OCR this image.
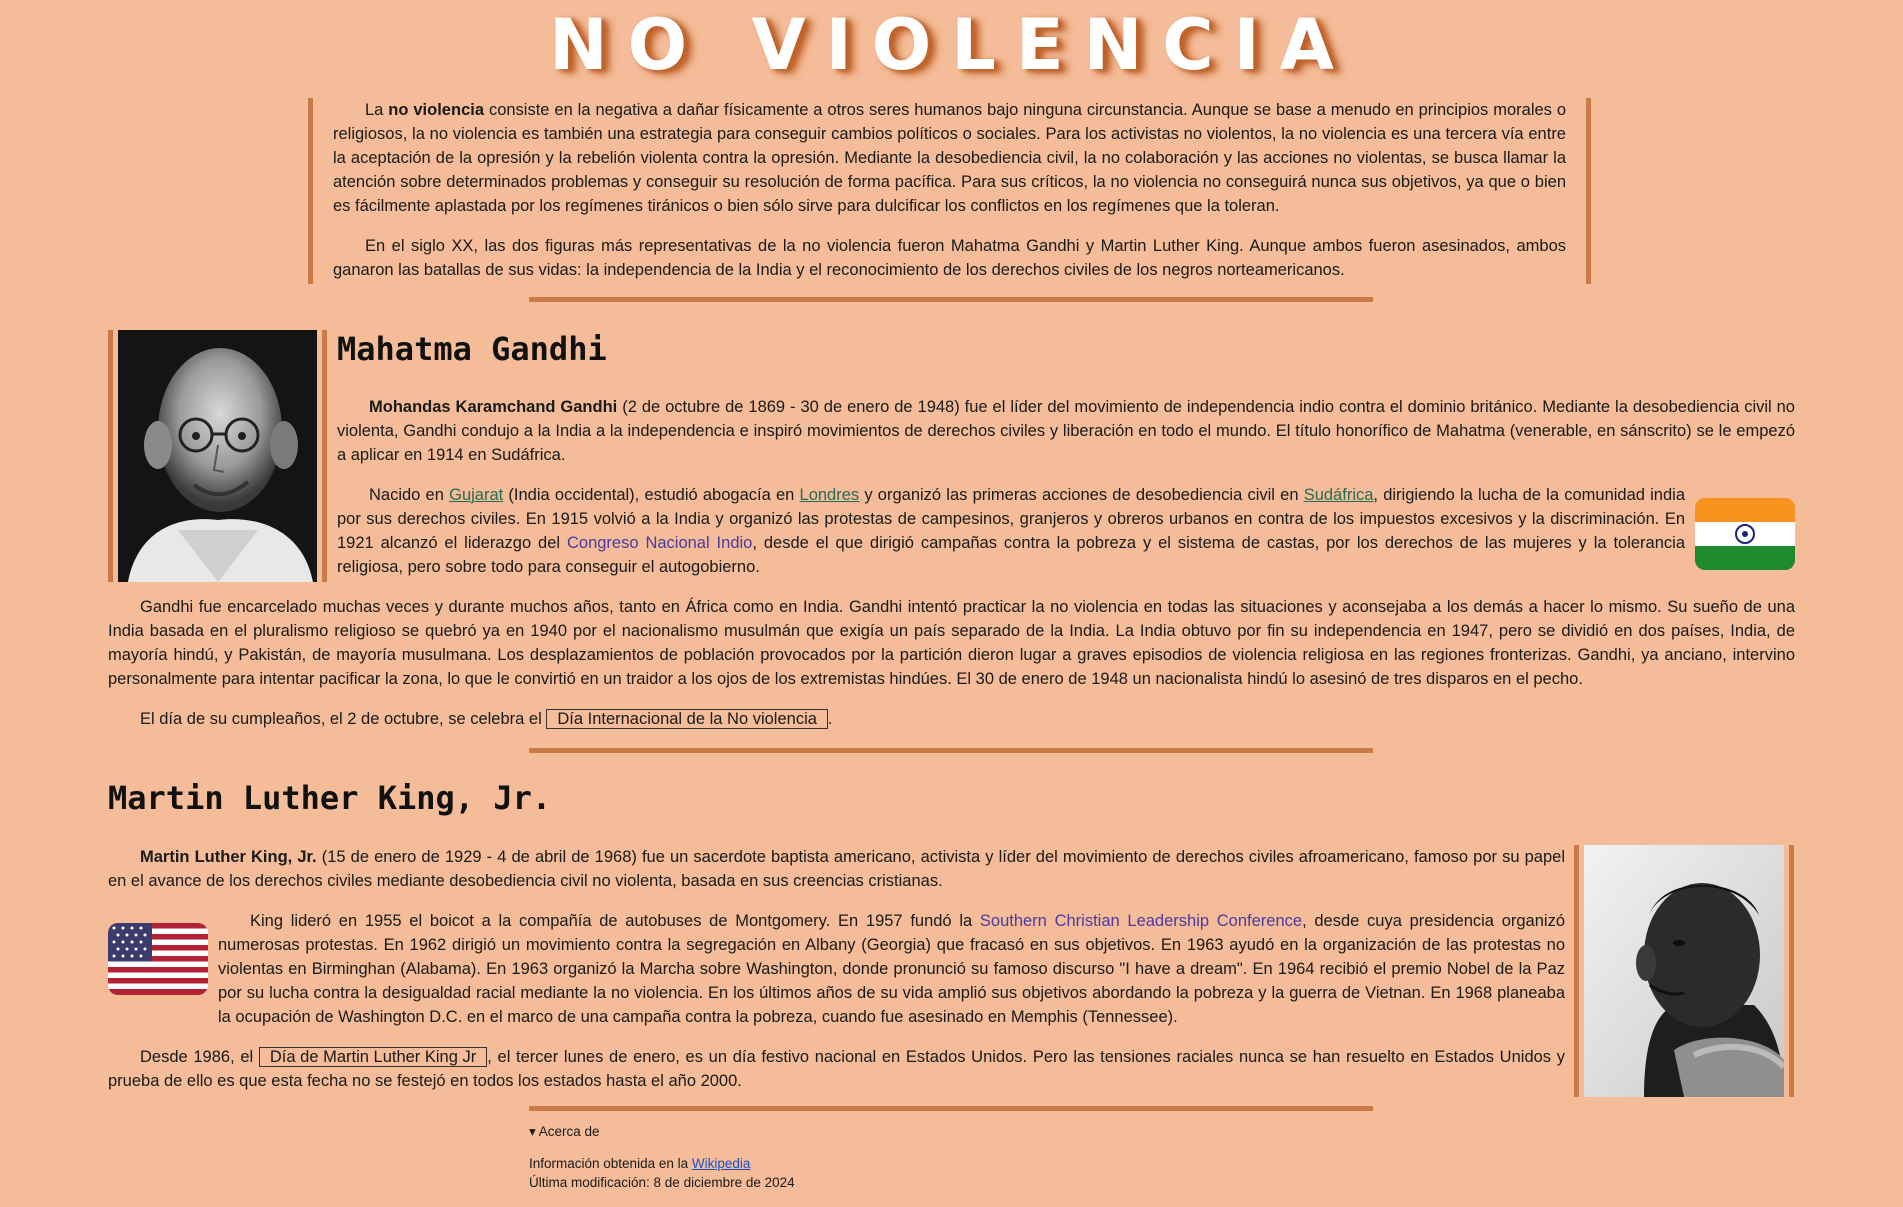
NO VIOLENCIA

La no violencia consiste en la negativa a dañar físicamente a otros seres humanos bajo ninguna circunstancia. Aunque se base a menudo en principios morales o religiosos, la no violencia es también una estrategia para conseguir cambios políticos o sociales. Para los activistas no violentos, la no violencia es una tercera vía entre la aceptación de la opresión y la rebelión violenta contra la opresión. Mediante la desobediencia civil, la no colaboración y las acciones no violentas, se busca llamar la atención sobre determinados problemas y conseguir su resolución de forma pacífica. Para sus críticos, la no violencia no conseguirá nunca sus objetivos, ya que o bien es fácilmente aplastada por los regímenes tiránicos o bien sólo sirve para dulcificar los conflictos en los regímenes que la toleran.

En el siglo XX, las dos figuras más representativas de la no violencia fueron Mahatma Gandhi y Martin Luther King. Aunque ambos fueron asesinados, ambos ganaron las batallas de sus vidas: la independencia de la India y el reconocimiento de los derechos civiles de los negros norteamericanos.

Mahatma Gandhi

Mohandas Karamchand Gandhi (2 de octubre de 1869 - 30 de enero de 1948) fue el líder del movimiento de independencia indio contra el dominio británico. Mediante la desobediencia civil no violenta, Gandhi condujo a la India a la independencia e inspiró movimientos de derechos civiles y liberación en todo el mundo. El título honorífico de Mahatma (venerable, en sánscrito) se le empezó a aplicar en 1914 en Sudáfrica.

Nacido en Gujarat (India occidental), estudió abogacía en Londres y organizó las primeras acciones de desobediencia civil en Sudáfrica, dirigiendo la lucha de la comunidad india por sus derechos civiles. En 1915 volvió a la India y organizó las protestas de campesinos, granjeros y obreros urbanos en contra de los impuestos excesivos y la discriminación. En 1921 alcanzó el liderazgo del Congreso Nacional Indio, desde el que dirigió campañas contra la pobreza y el sistema de castas, por los derechos de las mujeres y la tolerancia religiosa, pero sobre todo para conseguir el autogobierno.

Gandhi fue encarcelado muchas veces y durante muchos años, tanto en África como en India. Gandhi intentó practicar la no violencia en todas las situaciones y aconsejaba a los demás a hacer lo mismo. Su sueño de una India basada en el pluralismo religioso se quebró ya en 1940 por el nacionalismo musulmán que exigía un país separado de la India. La India obtuvo por fin su independencia en 1947, pero se dividió en dos países, India, de mayoría hindú, y Pakistán, de mayoría musulmana. Los desplazamientos de población provocados por la partición dieron lugar a graves episodios de violencia religiosa en las regiones fronterizas. Gandhi, ya anciano, intervino personalmente para intentar pacificar la zona, lo que le convirtió en un traidor a los ojos de los extremistas hindúes. El 30 de enero de 1948 un nacionalista hindú lo asesinó de tres disparos en el pecho.

El día de su cumpleaños, el 2 de octubre, se celebra el Día Internacional de la No violencia .

Martin Luther King, Jr.

Martin Luther King, Jr. (15 de enero de 1929 - 4 de abril de 1968) fue un sacerdote baptista americano, activista y líder del movimiento de derechos civiles afroamericano, famoso por su papel en el avance de los derechos civiles mediante desobediencia civil no violenta, basada en sus creencias cristianas.

King lideró en 1955 el boicot a la compañía de autobuses de Montgomery. En 1957 fundó la Southern Christian Leadership Conference, desde cuya presidencia organizó numerosas protestas. En 1962 dirigió un movimiento contra la segregación en Albany (Georgia) que fracasó en sus objetivos. En 1963 ayudó en la organización de las protestas no violentas en Birminghan (Alabama). En 1963 organizó la Marcha sobre Washington, donde pronunció su famoso discurso "I have a dream". En 1964 recibió el premio Nobel de la Paz por su lucha contra la desigualdad racial mediante la no violencia. En los últimos años de su vida amplió sus objetivos abordando la pobreza y la guerra de Vietnan. En 1968 planeaba la ocupación de Washington D.C. en el marco de una campaña contra la pobreza, cuando fue asesinado en Memphis (Tennessee).

Desde 1986, el Día de Martin Luther King Jr , el tercer lunes de enero, es un día festivo nacional en Estados Unidos. Pero las tensiones raciales nunca se han resuelto en Estados Unidos y prueba de ello es que esta fecha no se festejó en todos los estados hasta el año 2000.

▾ Acerca de
Información obtenida en la Wikipedia
Última modificación: 8 de diciembre de 2024
